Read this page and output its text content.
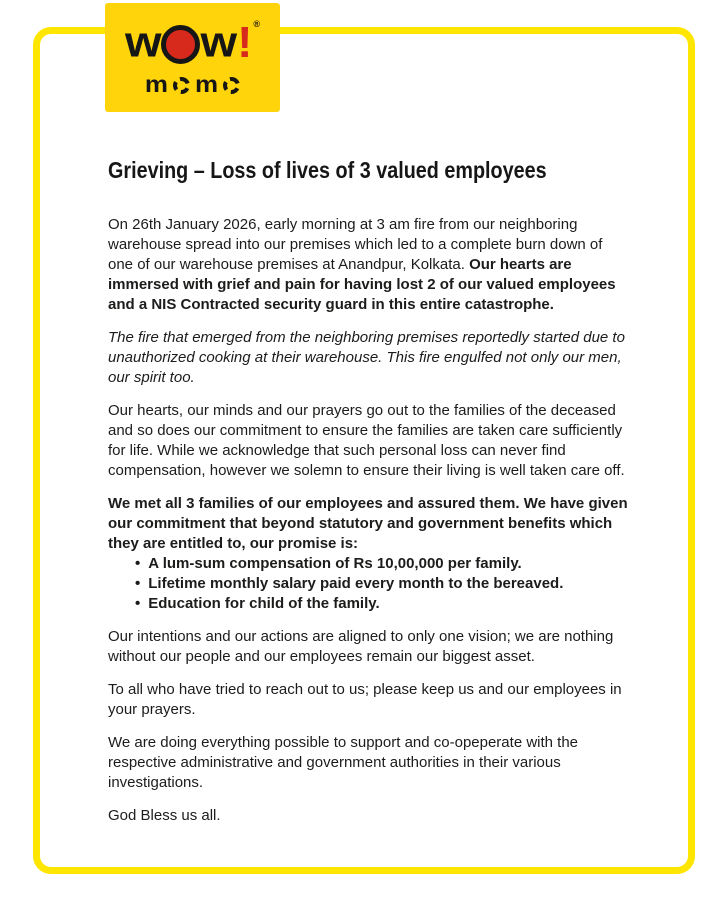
w w ! ®
m m
Grieving – Loss of lives of 3 valued employees

On 26th January 2026, early morning at 3 am fire from our neighboring warehouse spread into our premises which led to a complete burn down of one of our warehouse premises at Anandpur, Kolkata. Our hearts are immersed with grief and pain for having lost 2 of our valued employees and a NIS Contracted security guard in this entire catastrophe.

The fire that emerged from the neighboring premises reportedly started due to unauthorized cooking at their warehouse. This fire engulfed not only our men, our spirit too.

Our hearts, our minds and our prayers go out to the families of the deceased and so does our commitment to ensure the families are taken care sufficiently for life. While we acknowledge that such personal loss can never find compensation, however we solemn to ensure their living is well taken care off.

We met all 3 families of our employees and assured them. We have given our commitment that beyond statutory and government benefits which they are entitled to, our promise is:

• A lum-sum compensation of Rs 10,00,000 per family.
• Lifetime monthly salary paid every month to the bereaved.
• Education for child of the family.

Our intentions and our actions are aligned to only one vision; we are nothing without our people and our employees remain our biggest asset.

To all who have tried to reach out to us; please keep us and our employees in your prayers.

We are doing everything possible to support and co-opeperate with the respective administrative and government authorities in their various investigations.

God Bless us all.
